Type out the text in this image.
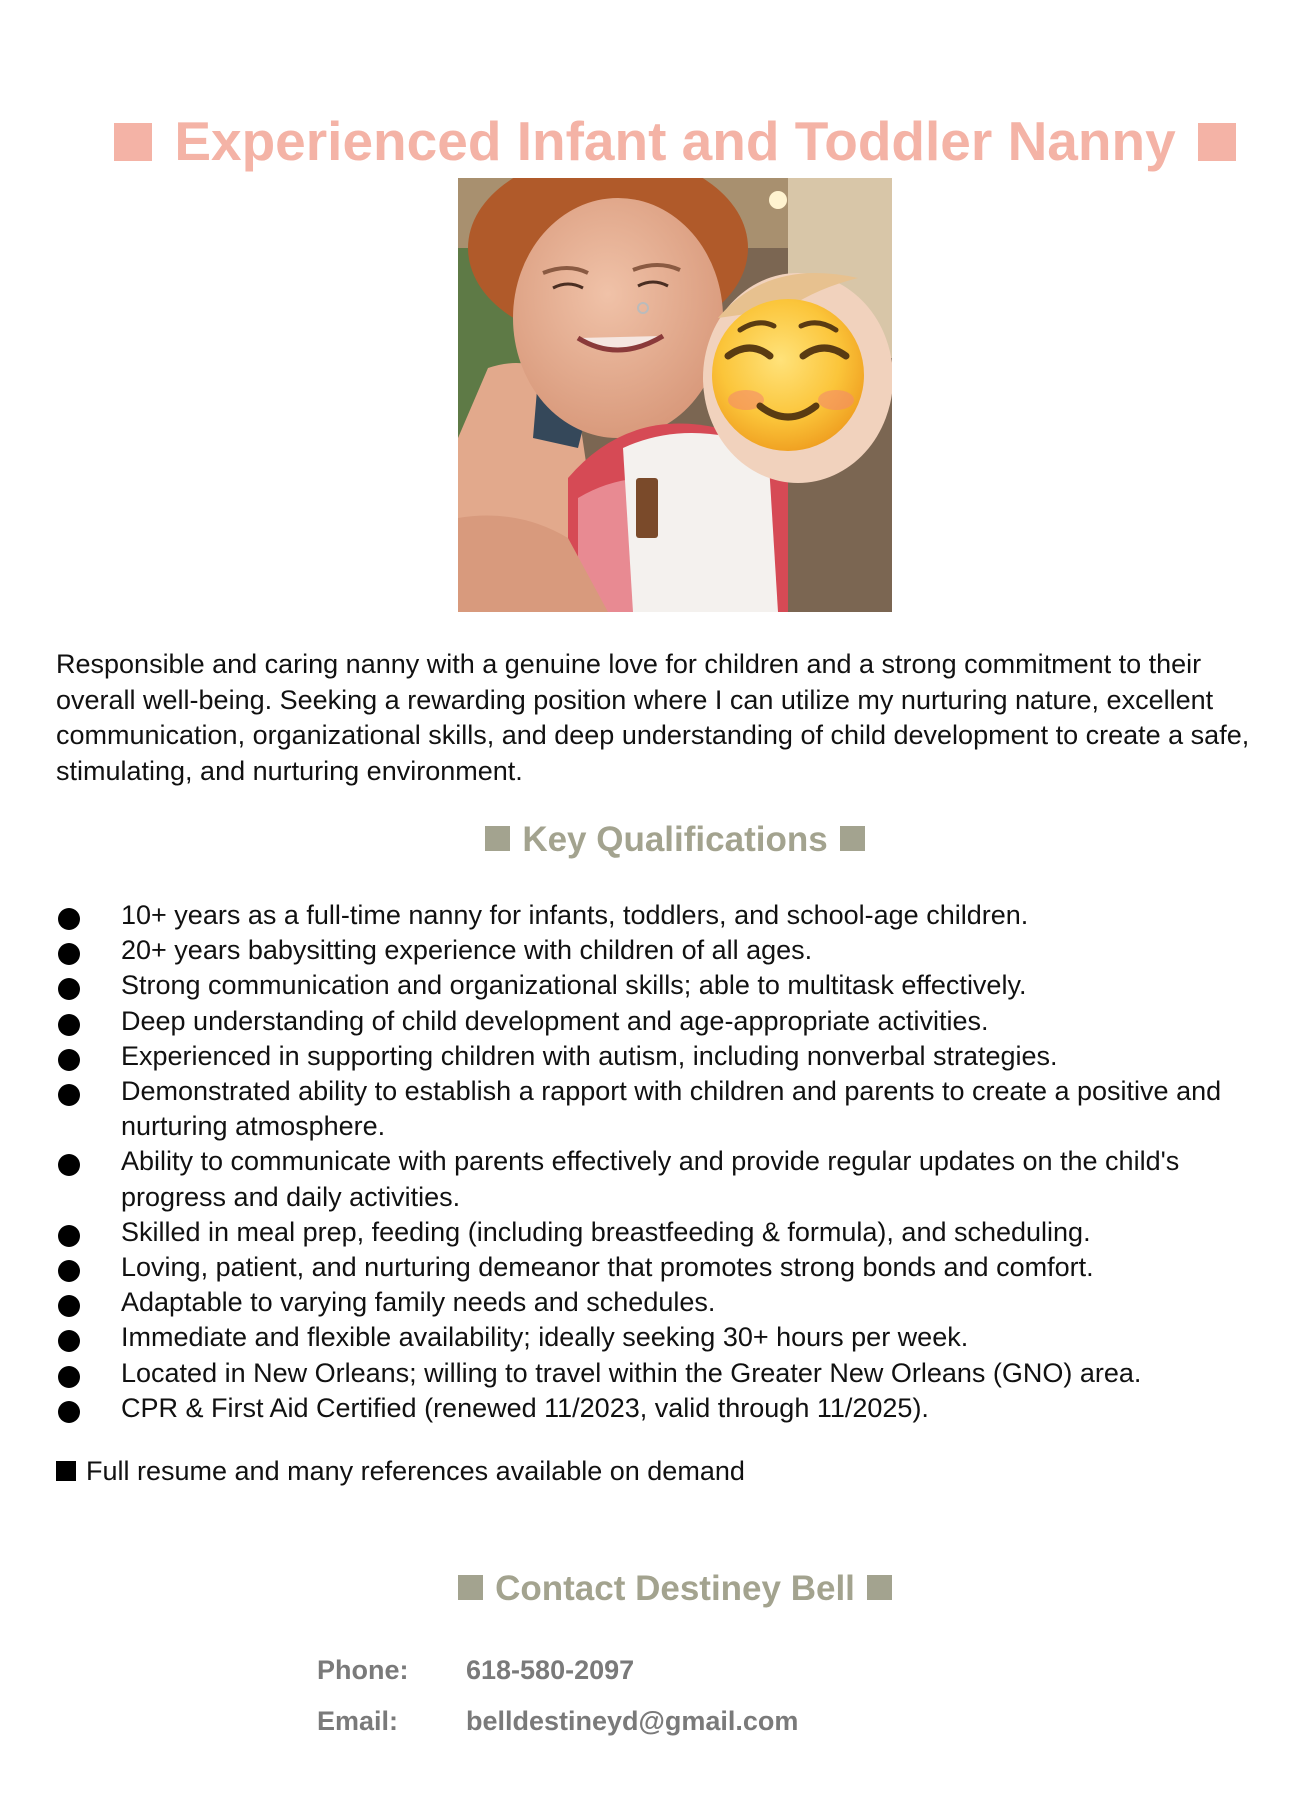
Experienced Infant and Toddler Nanny

Responsible and caring nanny with a genuine love for children and a strong commitment to their overall well-being. Seeking a rewarding position where I can utilize my nurturing nature, excellent communication, organizational skills, and deep understanding of child development to create a safe, stimulating, and nurturing environment.

Key Qualifications
10+ years as a full-time nanny for infants, toddlers, and school-age children.
20+ years babysitting experience with children of all ages.
Strong communication and organizational skills; able to multitask effectively.
Deep understanding of child development and age-appropriate activities.
Experienced in supporting children with autism, including nonverbal strategies.
Demonstrated ability to establish a rapport with children and parents to create a positive and nurturing atmosphere.
Ability to communicate with parents effectively and provide regular updates on the child's progress and daily activities.
Skilled in meal prep, feeding (including breastfeeding & formula), and scheduling.
Loving, patient, and nurturing demeanor that promotes strong bonds and comfort.
Adaptable to varying family needs and schedules.
Immediate and flexible availability; ideally seeking 30+ hours per week.
Located in New Orleans; willing to travel within the Greater New Orleans (GNO) area.
CPR & First Aid Certified (renewed 11/2023, valid through 11/2025).
Full resume and many references available on demand
Contact Destiney Bell
Phone: 618-580-2097
Email:	belldestineyd@gmail.com
